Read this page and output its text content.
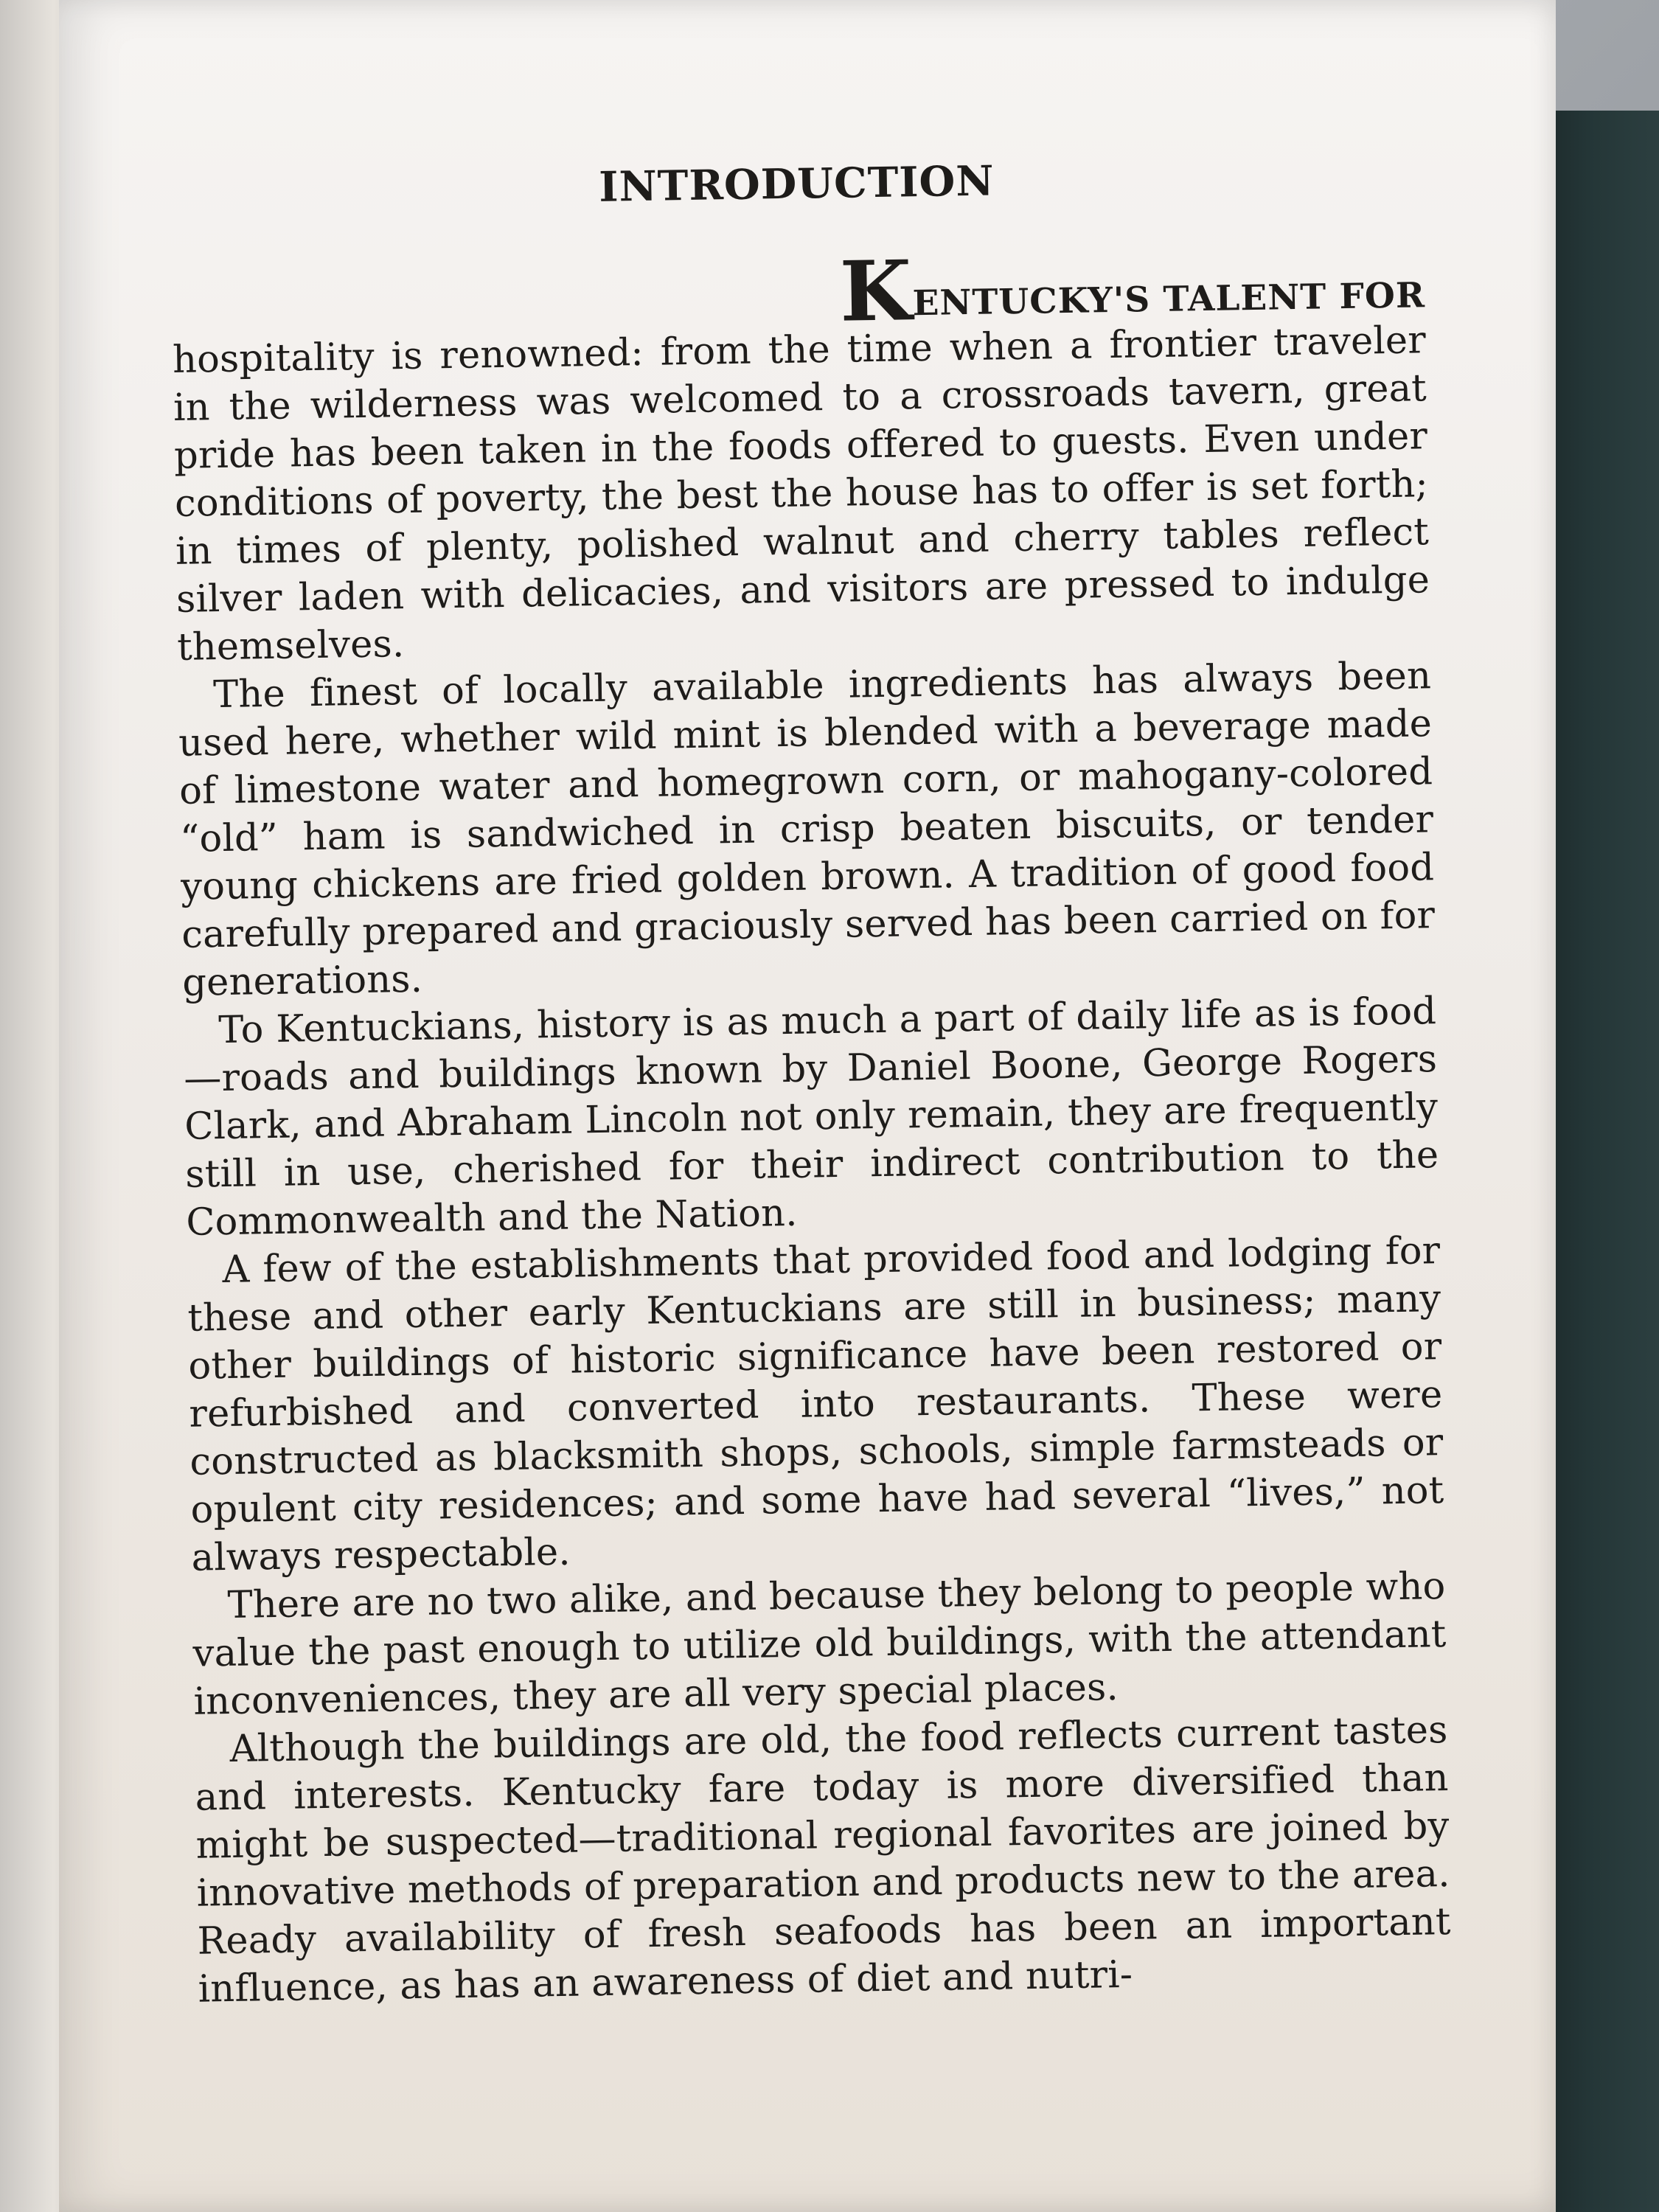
INTRODUCTION
KENTUCKY'S TALENT FOR

hospitality is renowned: from the time when a frontier traveler in the wilderness was welcomed to a crossroads tavern, great pride has been taken in the foods offered to guests. Even under conditions of poverty, the best the house has to offer is set forth; in times of plenty, polished walnut and cherry tables reflect silver laden with delicacies, and visitors are pressed to indulge themselves.

The finest of locally available ingredients has always been used here, whether wild mint is blended with a beverage made of limestone water and homegrown corn, or mahogany-colored “old” ham is sandwiched in crisp beaten biscuits, or tender young chickens are fried golden brown. A tradition of good food carefully prepared and graciously served has been carried on for generations.

To Kentuckians, history is as much a part of daily life as is food—roads and buildings known by Daniel Boone, George Rogers Clark, and Abraham Lincoln not only remain, they are frequently still in use, cherished for their indirect contribution to the Commonwealth and the Nation.

A few of the establishments that provided food and lodging for these and other early Kentuckians are still in business; many other buildings of historic significance have been restored or refurbished and converted into restaurants. These were constructed as blacksmith shops, schools, simple farmsteads or opulent city residences; and some have had several “lives,” not always respectable.

There are no two alike, and because they belong to people who value the past enough to utilize old buildings, with the attendant inconveniences, they are all very special places.

Although the buildings are old, the food reflects current tastes and interests. Kentucky fare today is more diversified than might be suspected—traditional regional favorites are joined by innovative methods of preparation and products new to the area. Ready availability of fresh seafoods has been an important influence, as has an awareness of diet and nutri-
